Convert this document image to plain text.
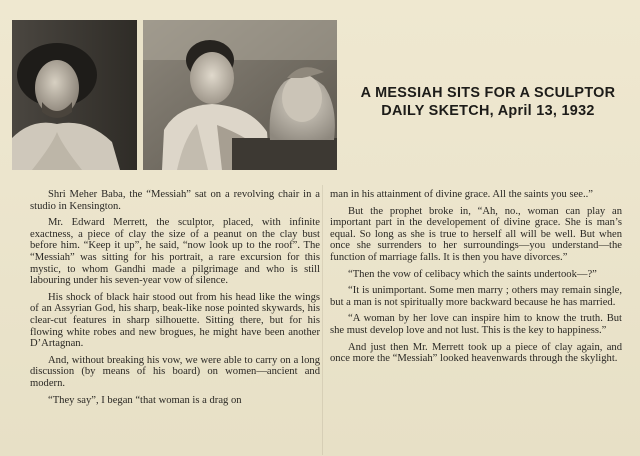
A MESSIAH SITS FOR A SCULPTOR
DAILY SKETCH, April 13, 1932

Shri Meher Baba, the “Messiah” sat on a revolving chair in a studio in Kensington.

Mr. Edward Merrett, the sculptor, placed, with infinite exactness, a piece of clay the size of a peanut on the clay bust before him. “Keep it up”, he said, “now look up to the roof”. The “Messiah” was sitting for his portrait, a rare excursion for this mystic, to whom Gandhi made a pilgrimage and who is still labouring under his seven-year vow of silence.

His shock of black hair stood out from his head like the wings of an Assyrian God, his sharp, beak-like nose pointed skywards, his clear-cut features in sharp silhouette. Sitting there, but for his flowing white robes and new brogues, he might have been another D’Artagnan.

And, without breaking his vow, we were able to carry on a long discussion (by means of his board) on women—ancient and modern.

“They say”, I began “that woman is a drag on

man in his attainment of divine grace. All the saints you see..”

But the prophet broke in, “Ah, no., woman can play an important part in the developement of divine grace. She is man’s equal. So long as she is true to herself all will be well. But when once she surrenders to her surroundings—you understand—the function of marriage falls. It is then you have divorces.”

“Then the vow of celibacy which the saints undertook—?”

“It is unimportant. Some men marry ; others may remain single, but a man is not spiritually more backward because he has married.

“A woman by her love can inspire him to know the truth. But she must develop love and not lust. This is the key to happiness.”

And just then Mr. Merrett took up a piece of clay again, and once more the “Messiah” looked heavenwards through the skylight.
